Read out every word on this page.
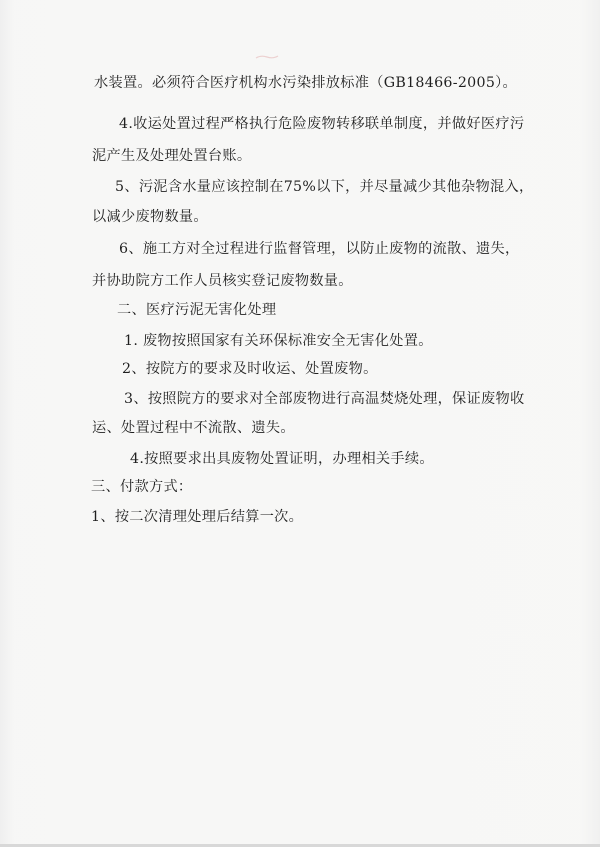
水装置。必须符合医疗机构水污染排放标准（GB18466-2005）。
4.收运处置过程严格执行危险废物转移联单制度，并做好医疗污
泥产生及处理处置台账。
5、污泥含水量应该控制在75%以下，并尽量减少其他杂物混入，
以减少废物数量。
6、施工方对全过程进行监督管理，以防止废物的流散、遗失，
并协助院方工作人员核实登记废物数量。
二、医疗污泥无害化处理
1. 废物按照国家有关环保标准安全无害化处置。
2、按院方的要求及时收运、处置废物。
3、按照院方的要求对全部废物进行高温焚烧处理，保证废物收
运、处置过程中不流散、遗失。
4.按照要求出具废物处置证明，办理相关手续。
三、付款方式：
1、按二次清理处理后结算一次。
